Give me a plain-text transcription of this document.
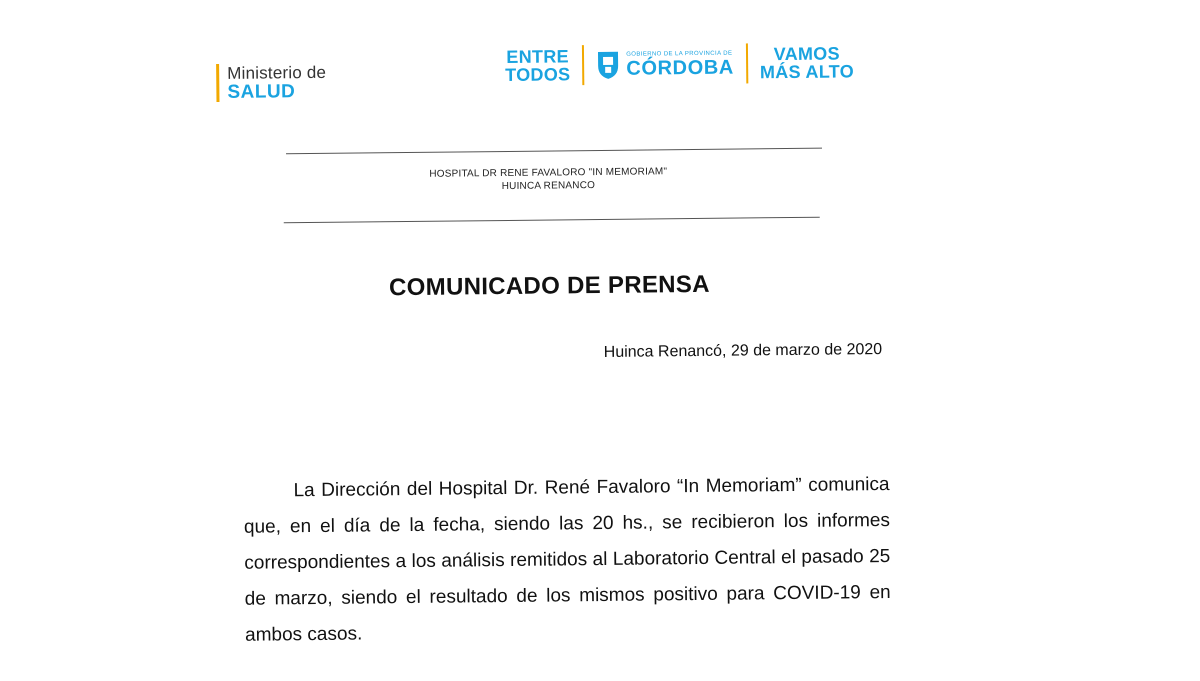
Ministerio de
SALUD
ENTRE
TODOS
GOBIERNO DE LA PROVINCIA DE
CÓRDOBA
VAMOS
MÁS ALTO
HOSPITAL DR RENE FAVALORO "IN MEMORIAM"
HUINCA RENANCO
COMUNICADO DE PRENSA
Huinca Renancó, 29 de marzo de 2020
La Dirección del Hospital Dr. René Favaloro “In Memoriam” comunica que, en el día de la fecha, siendo las 20 hs., se recibieron los informes correspondientes a los análisis remitidos al Laboratorio Central el pasado 25 de marzo, siendo el resultado de los mismos positivo para COVID-19 en ambos casos.
